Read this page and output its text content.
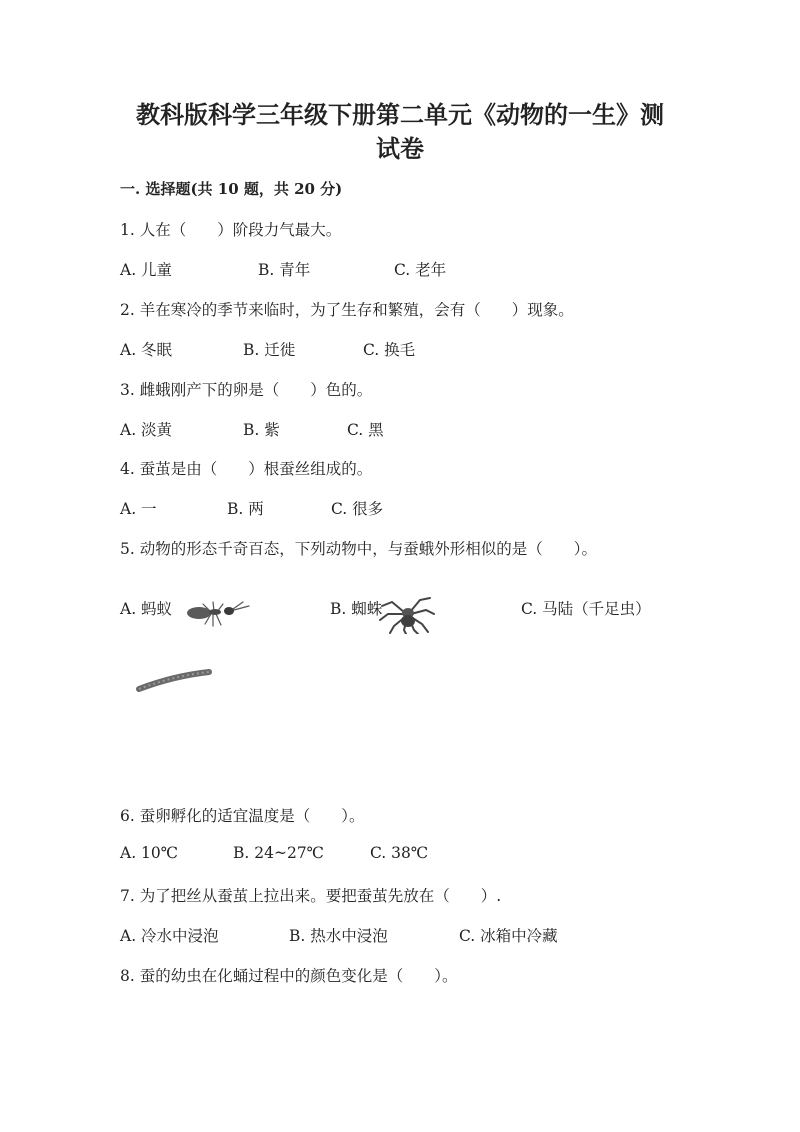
教科版科学三年级下册第二单元《动物的一生》测
试卷
一. 选择题(共 10 题，共 20 分)
1. 人在（　　）阶段力气最大。
A. 儿童	B. 青年	C. 老年
2. 羊在寒冷的季节来临时，为了生存和繁殖，会有（　　）现象。
A. 冬眠	B. 迁徙	C. 换毛
3. 雌蛾刚产下的卵是（　　）色的。
A. 淡黄	B. 紫	C. 黑
4. 蚕茧是由（　　）根蚕丝组成的。
A. 一	B. 两	C. 很多
5. 动物的形态千奇百态，下列动物中，与蚕蛾外形相似的是（　　）。
A. 蚂蚁	B. 蜘蛛	C. 马陆（千足虫）
6. 蚕卵孵化的适宜温度是（　　）。
A. 10℃	B. 24~27℃	C. 38℃
7. 为了把丝从蚕茧上拉出来。要把蚕茧先放在（　　）.
A. 冷水中浸泡	B. 热水中浸泡	C. 冰箱中冷藏
8. 蚕的幼虫在化蛹过程中的颜色变化是（　　）。
